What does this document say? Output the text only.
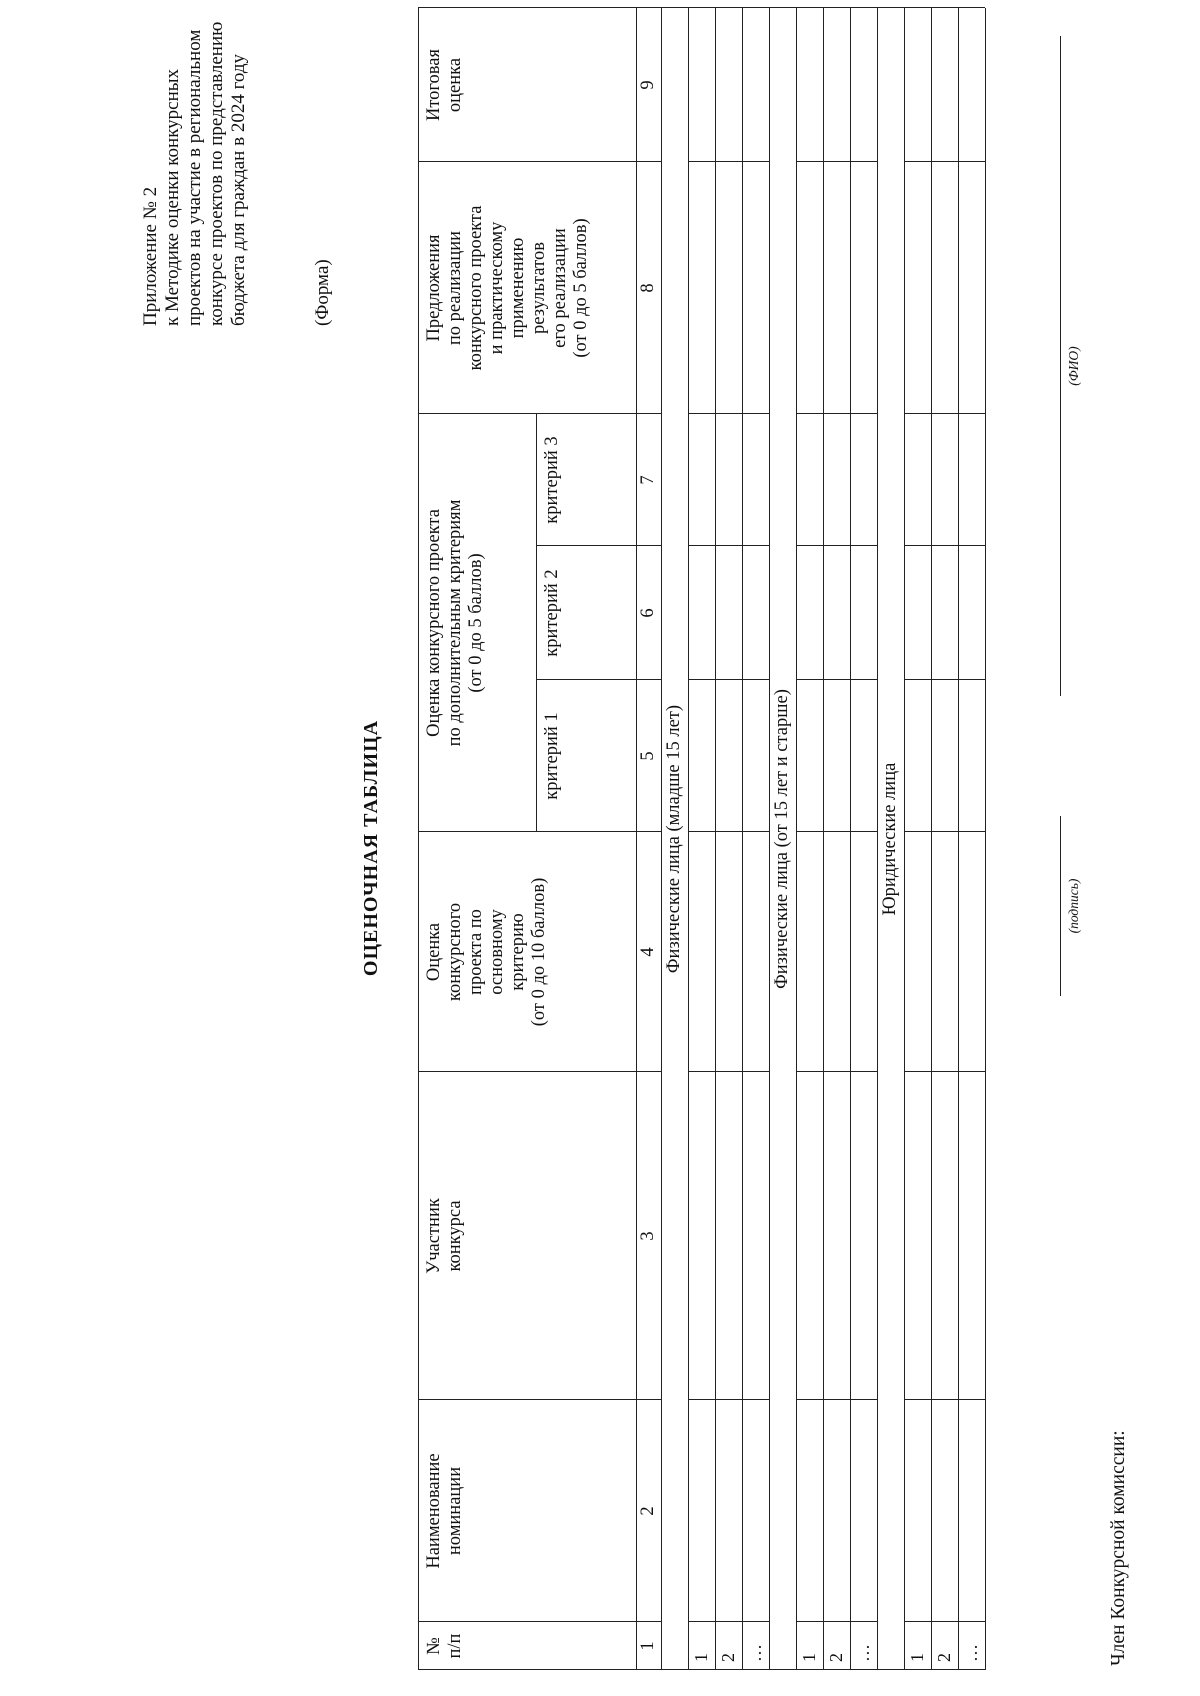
Приложение № 2 к Методике оценки конкурсных проектов на участие в региональном конкурсе проектов по представлению бюджета для граждан в 2024 году	(Форма)
ОЦЕНОЧНАЯ ТАБЛИЦА
№ п/п
Наименование номинации
Участник конкурса
Оценка конкурсного проекта по основному критерию (от 0 до 10 баллов)
Оценка конкурсного проекта по дополнительным критериям (от 0 до 5 баллов)
критерий 1
критерий 2
критерий 3
Предложения по реализации конкурсного проекта и практическому применению результатов его реализации (от 0 до 5 баллов)
Итоговая оценка
1
2
3
4
5
6
7
8
9
Физические лица (младше 15 лет)
1 2 …
Физические лица (от 15 лет и старше)
1 2 …
Юридические лица
1 2 …	Член Конкурсной комиссии:
(подпись)
(ФИО)
